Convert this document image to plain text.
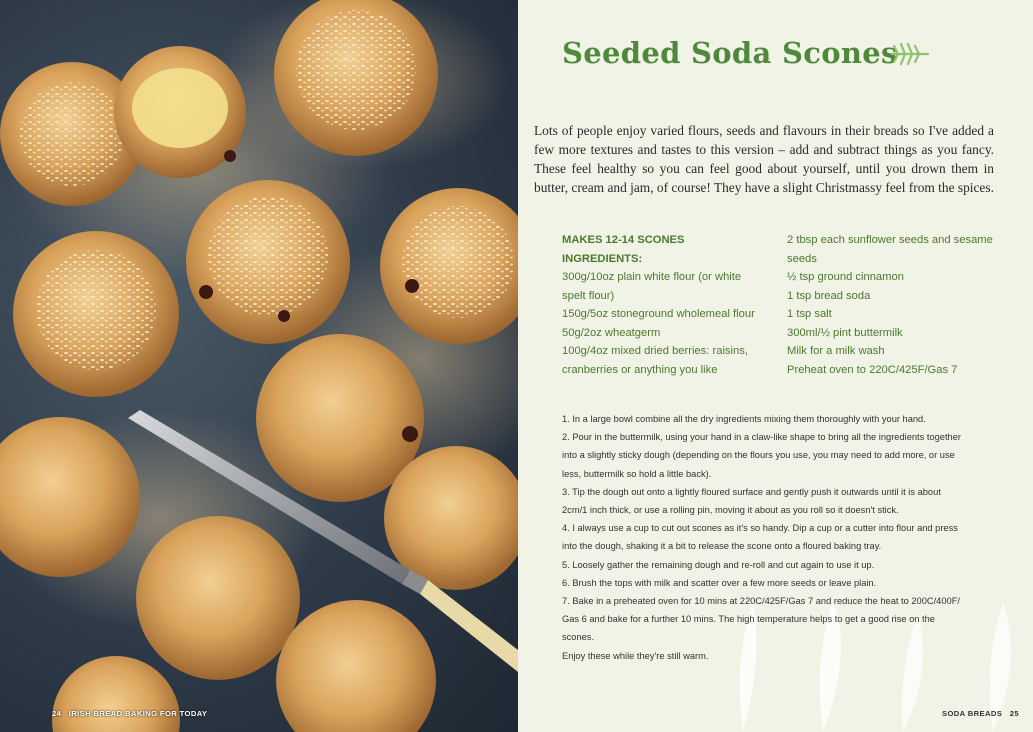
24 IRISH BREAD BAKING FOR TODAY
Seeded Soda Scones

Lots of people enjoy varied flours, seeds and flavours in their breads so I've added a few more textures and tastes to this version – add and subtract things as you fancy. These feel healthy so you can feel good about yourself, until you drown them in butter, cream and jam, of course! They have a slight Christmassy feel from the spices.

MAKES 12-14 SCONES
INGREDIENTS:
300g/10oz plain white flour (or white
spelt flour)
150g/5oz stoneground wholemeal flour
50g/2oz wheatgerm
100g/4oz mixed dried berries: raisins,
cranberries or anything you like
2 tbsp each sunflower seeds and sesame
seeds
½ tsp ground cinnamon
1 tsp bread soda
1 tsp salt
300ml/½ pint buttermilk
Milk for a milk wash
Preheat oven to 220C/425F/Gas 7
1. In a large bowl combine all the dry ingredients mixing them thoroughly with your hand.
2. Pour in the buttermilk, using your hand in a claw-like shape to bring all the ingredients together
into a slightly sticky dough (depending on the flours you use, you may need to add more, or use
less, buttermilk so hold a little back).
3. Tip the dough out onto a lightly floured surface and gently push it outwards until it is about
2cm/1 inch thick, or use a rolling pin, moving it about as you roll so it doesn't stick.
4. I always use a cup to cut out scones as it's so handy. Dip a cup or a cutter into flour and press
into the dough, shaking it a bit to release the scone onto a floured baking tray.
5. Loosely gather the remaining dough and re-roll and cut again to use it up.
6. Brush the tops with milk and scatter over a few more seeds or leave plain.
7. Bake in a preheated oven for 10 mins at 220C/425F/Gas 7 and reduce the heat to 200C/400F/
Gas 6 and bake for a further 10 mins. The high temperature helps to get a good rise on the
scones.
Enjoy these while they're still warm.
SODA BREADS 25
